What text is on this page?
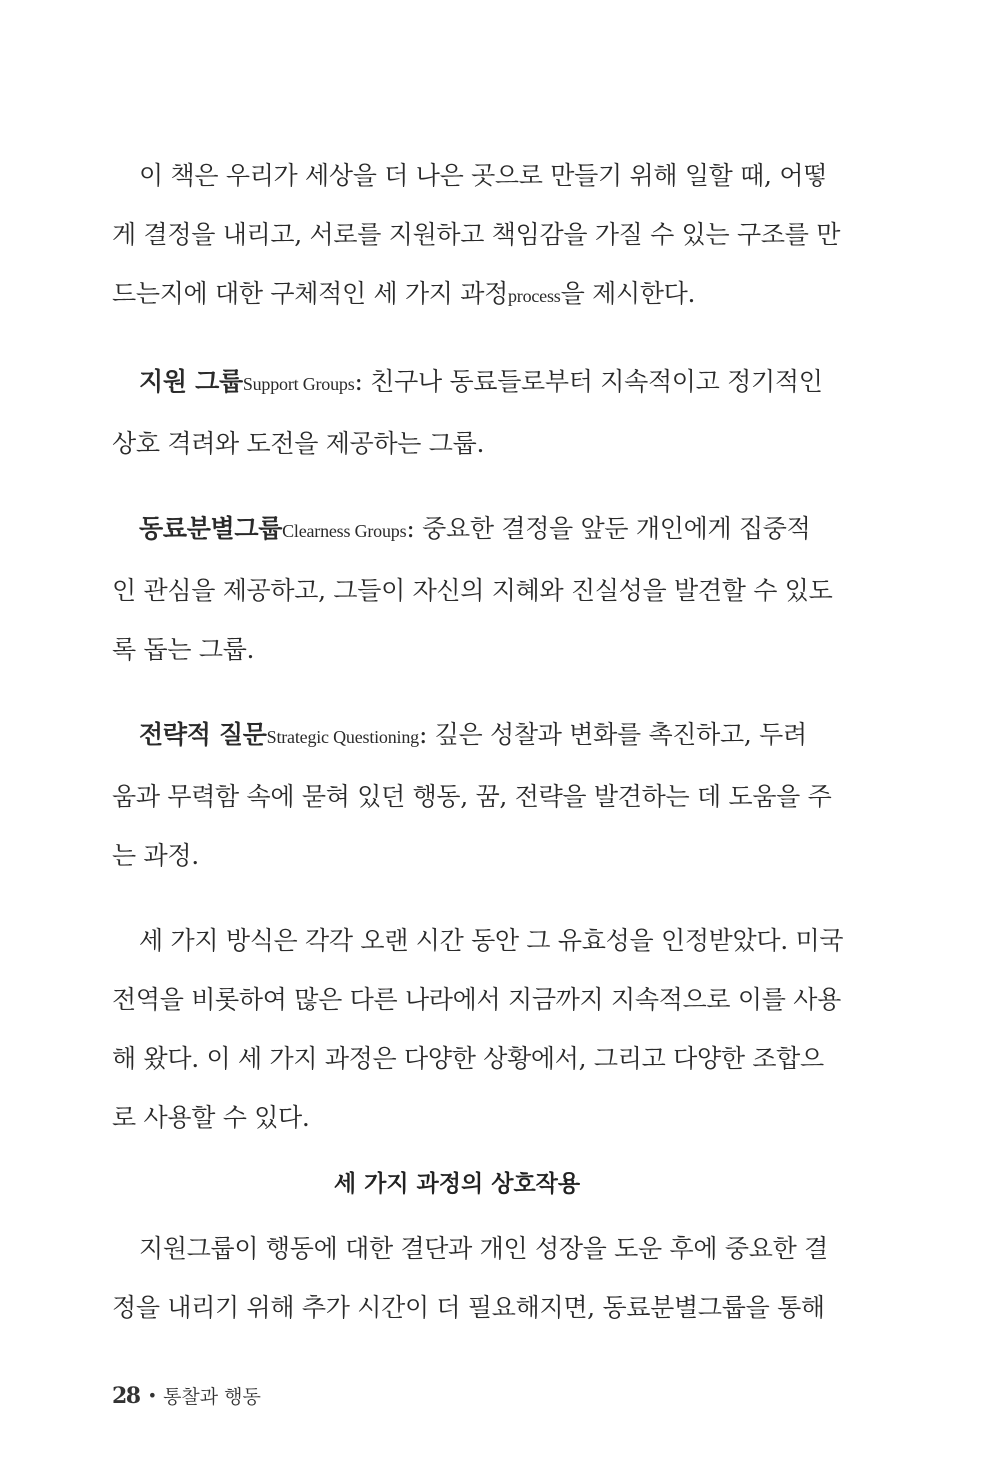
이 책은 우리가 세상을 더 나은 곳으로 만들기 위해 일할 때, 어떻
게 결정을 내리고, 서로를 지원하고 책임감을 가질 수 있는 구조를 만
드는지에 대한 구체적인 세 가지 과정process을 제시한다.

지원 그룹Support Groups: 친구나 동료들로부터 지속적이고 정기적인
상호 격려와 도전을 제공하는 그룹.

동료분별그룹Clearness Groups: 중요한 결정을 앞둔 개인에게 집중적
인 관심을 제공하고, 그들이 자신의 지혜와 진실성을 발견할 수 있도
록 돕는 그룹.

전략적 질문Strategic Questioning: 깊은 성찰과 변화를 촉진하고, 두려
움과 무력함 속에 묻혀 있던 행동, 꿈, 전략을 발견하는 데 도움을 주
는 과정.

세 가지 방식은 각각 오랜 시간 동안 그 유효성을 인정받았다. 미국
전역을 비롯하여 많은 다른 나라에서 지금까지 지속적으로 이를 사용
해 왔다. 이 세 가지 과정은 다양한 상황에서, 그리고 다양한 조합으
로 사용할 수 있다.

세 가지 과정의 상호작용

지원그룹이 행동에 대한 결단과 개인 성장을 도운 후에 중요한 결
정을 내리기 위해 추가 시간이 더 필요해지면, 동료분별그룹을 통해

28 • 통찰과 행동
